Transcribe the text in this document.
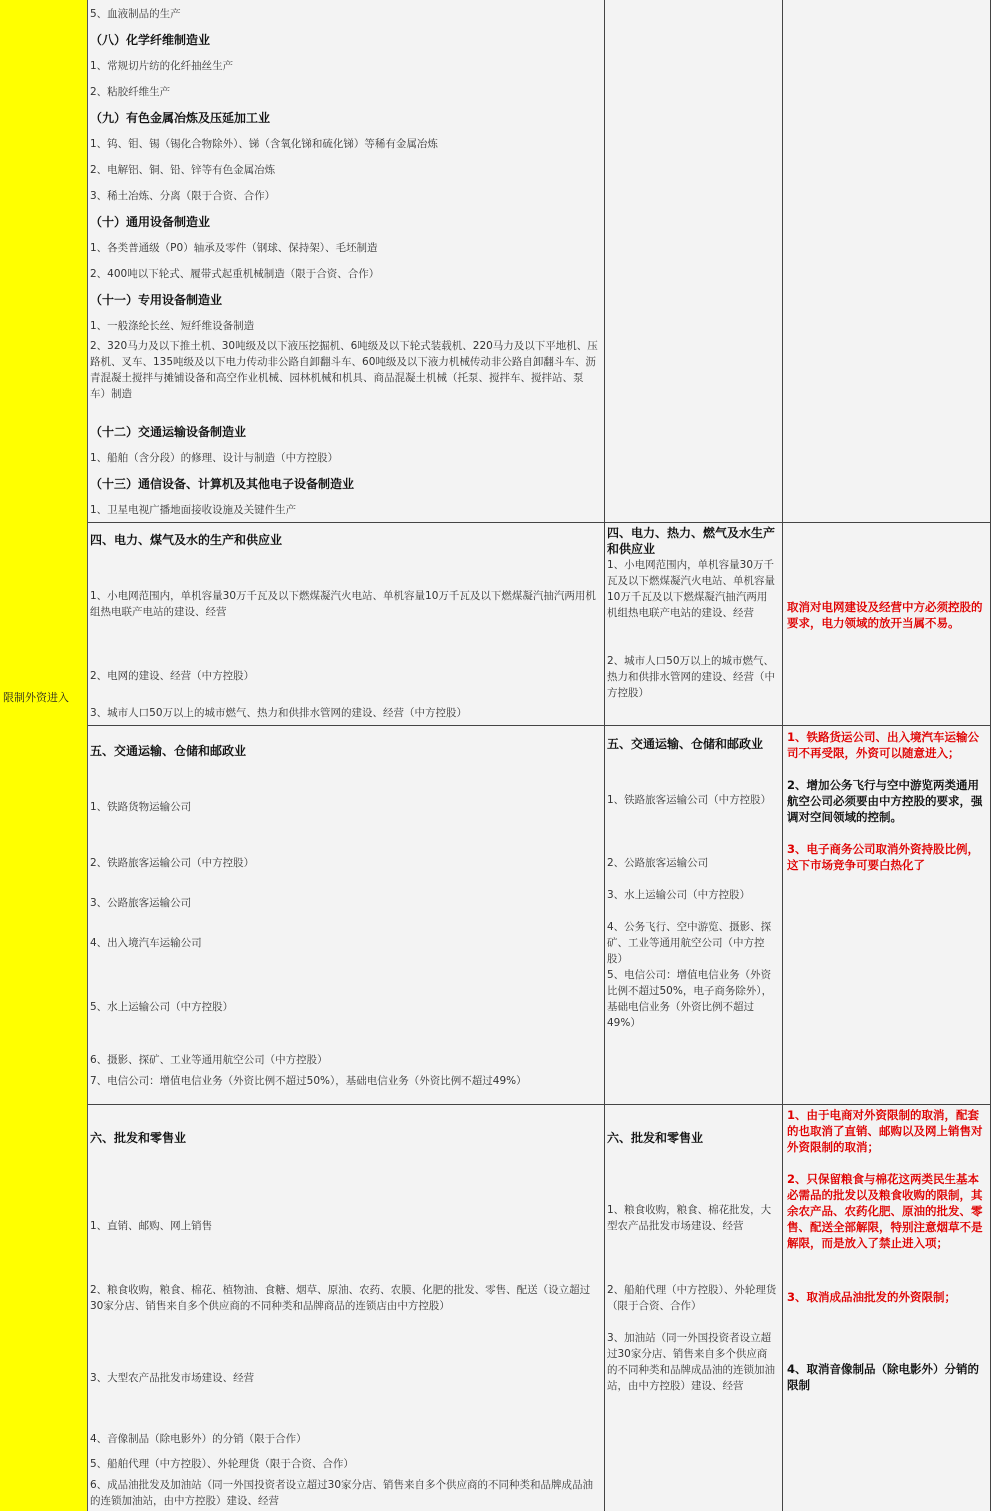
限制外资进入
5、血液制品的生产
（八）化学纤维制造业
1、常规切片纺的化纤抽丝生产
2、粘胶纤维生产
（九）有色金属冶炼及压延加工业
1、钨、钼、锡（锡化合物除外）、锑（含氧化锑和硫化锑）等稀有金属冶炼
2、电解铝、铜、铅、锌等有色金属冶炼
3、稀土冶炼、分离（限于合资、合作）
（十）通用设备制造业
1、各类普通级（P0）轴承及零件（钢球、保持架）、毛坯制造
2、400吨以下轮式、履带式起重机械制造（限于合资、合作）
（十一）专用设备制造业
1、一般涤纶长丝、短纤维设备制造
2、320马力及以下推土机、30吨级及以下液压挖掘机、6吨级及以下轮式装载机、220马力及以下平地机、压路机、叉车、135吨级及以下电力传动非公路自卸翻斗车、60吨级及以下液力机械传动非公路自卸翻斗车、沥青混凝土搅拌与摊铺设备和高空作业机械、园林机械和机具、商品混凝土机械（托泵、搅拌车、搅拌站、泵车）制造
（十二）交通运输设备制造业
1、船舶（含分段）的修理、设计与制造（中方控股）
（十三）通信设备、计算机及其他电子设备制造业
1、卫星电视广播地面接收设施及关键件生产
四、电力、煤气及水的生产和供应业
1、小电网范围内，单机容量30万千瓦及以下燃煤凝汽火电站、单机容量10万千瓦及以下燃煤凝汽抽汽两用机组热电联产电站的建设、经营
2、电网的建设、经营（中方控股）
3、城市人口50万以上的城市燃气、热力和供排水管网的建设、经营（中方控股）
四、电力、热力、燃气及水生产和供应业
1、小电网范围内，单机容量30万千瓦及以下燃煤凝汽火电站、单机容量10万千瓦及以下燃煤凝汽抽汽两用机组热电联产电站的建设、经营
2、城市人口50万以上的城市燃气、热力和供排水管网的建设、经营（中方控股）
取消对电网建设及经营中方必须控股的要求，电力领域的放开当属不易。
五、交通运输、仓储和邮政业
1、铁路货物运输公司
2、铁路旅客运输公司（中方控股）
3、公路旅客运输公司
4、出入境汽车运输公司
5、水上运输公司（中方控股）
6、摄影、探矿、工业等通用航空公司（中方控股）
7、电信公司：增值电信业务（外资比例不超过50%），基础电信业务（外资比例不超过49%）
五、交通运输、仓储和邮政业
1、铁路旅客运输公司（中方控股）
2、公路旅客运输公司
3、水上运输公司（中方控股）
4、公务飞行、空中游览、摄影、探矿、工业等通用航空公司（中方控股）
5、电信公司：增值电信业务（外资比例不超过50%，电子商务除外），基础电信业务（外资比例不超过49%）
1、铁路货运公司、出入境汽车运输公司不再受限，外资可以随意进入；
2、增加公务飞行与空中游览两类通用航空公司必须要由中方控股的要求，强调对空间领域的控制。
3、电子商务公司取消外资持股比例，这下市场竞争可要白热化了
六、批发和零售业
1、直销、邮购、网上销售
2、粮食收购，粮食、棉花、植物油、食糖、烟草、原油、农药、农膜、化肥的批发、零售、配送（设立超过30家分店、销售来自多个供应商的不同种类和品牌商品的连锁店由中方控股）
3、大型农产品批发市场建设、经营
4、音像制品（除电影外）的分销（限于合作）
5、船舶代理（中方控股）、外轮理货（限于合资、合作）
6、成品油批发及加油站（同一外国投资者设立超过30家分店、销售来自多个供应商的不同种类和品牌成品油的连锁加油站，由中方控股）建设、经营
六、批发和零售业
1、粮食收购，粮食、棉花批发，大型农产品批发市场建设、经营
2、船舶代理（中方控股）、外轮理货（限于合资、合作）
3、加油站（同一外国投资者设立超过30家分店、销售来自多个供应商的不同种类和品牌成品油的连锁加油站，由中方控股）建设、经营
1、由于电商对外资限制的取消，配套的也取消了直销、邮购以及网上销售对外资限制的取消；
2、只保留粮食与棉花这两类民生基本必需品的批发以及粮食收购的限制，其余农产品、农药化肥、原油的批发、零售、配送全部解限，特别注意烟草不是解限，而是放入了禁止进入项；
3、取消成品油批发的外资限制；
4、取消音像制品（除电影外）分销的限制
